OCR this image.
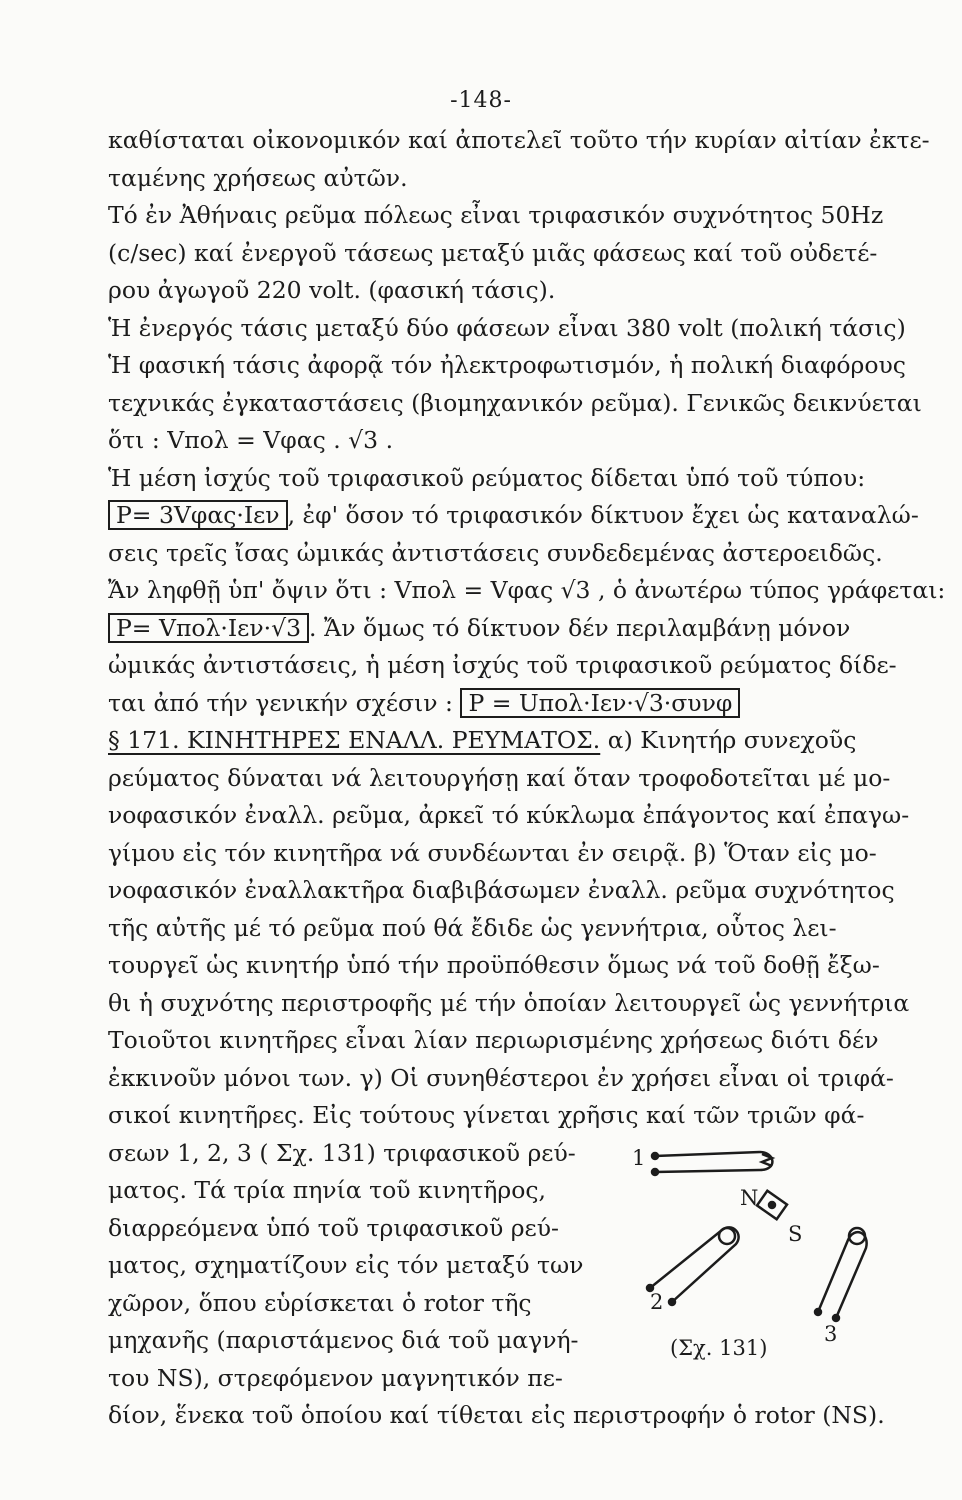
-148-
καθίσταται οἰκονομικόν καί ἀποτελεῖ τοῦτο τήν κυρίαν αἰτίαν ἐκτε-
ταμένης χρήσεως αὐτῶν.
Τό ἐν Ἀθήναις ρεῦμα πόλεως εἶναι τριφασικόν συχνότητος 50Hz
(c/sec) καί ἐνεργοῦ τάσεως μεταξύ μιᾶς φάσεως καί τοῦ οὐδετέ-
ρου ἀγωγοῦ 220 volt. (φασική τάσις).
Ἡ ἐνεργός τάσις μεταξύ δύο φάσεων εἶναι 380 volt (πολική τάσις)
Ἡ φασική τάσις ἀφορᾷ τόν ἠλεκτροφωτισμόν, ἡ πολική διαφόρους
τεχνικάς ἐγκαταστάσεις (βιομηχανικόν ρεῦμα). Γενικῶς δεικνύεται
ὅτι : Vπολ = Vφας . √3 .
Ἡ μέση ἰσχύς τοῦ τριφασικοῦ ρεύματος δίδεται ὑπό τοῦ τύπου:
P= 3Vφας·Iεν , ἐφ' ὅσον τό τριφασικόν δίκτυον ἔχει ὡς καταναλώ-
σεις τρεῖς ἴσας ὠμικάς ἀντιστάσεις συνδεδεμένας ἀστεροειδῶς.
Ἄν ληφθῇ ὑπ' ὄψιν ὅτι : Vπολ = Vφας √3 , ὁ ἀνωτέρω τύπος γράφεται:
P= Vπολ·Iεν·√3 . Ἄν ὅμως τό δίκτυον δέν περιλαμβάνῃ μόνον
ὠμικάς ἀντιστάσεις, ἡ μέση ἰσχύς τοῦ τριφασικοῦ ρεύματος δίδε-
ται ἀπό τήν γενικήν σχέσιν : P = Uπολ·Iεν·√3·συνφ
§ 171. ΚΙΝΗΤΗΡΕΣ ΕΝΑΛΛ. ΡΕΥΜΑΤΟΣ. α) Κινητήρ συνεχοῦς
ρεύματος δύναται νά λειτουργήσῃ καί ὅταν τροφοδοτεῖται μέ μο-
νοφασικόν ἐναλλ. ρεῦμα, ἀρκεῖ τό κύκλωμα ἐπάγοντος καί ἐπαγω-
γίμου εἰς τόν κινητῆρα νά συνδέωνται ἐν σειρᾷ. β) Ὅταν εἰς μο-
νοφασικόν ἐναλλακτῆρα διαβιβάσωμεν ἐναλλ. ρεῦμα συχνότητος
τῆς αὐτῆς μέ τό ρεῦμα πού θά ἔδιδε ὡς γεννήτρια, οὗτος λει-
τουργεῖ ὡς κινητήρ ὑπό τήν προϋπόθεσιν ὅμως νά τοῦ δοθῇ ἔξω-
θι ἡ συχνότης περιστροφῆς μέ τήν ὁποίαν λειτουργεῖ ὡς γεννήτρια
Τοιοῦτοι κινητῆρες εἶναι λίαν περιωρισμένης χρήσεως διότι δέν
ἐκκινοῦν μόνοι των. γ) Οἱ συνηθέστεροι ἐν χρήσει εἶναι οἱ τριφά-
σικοί κινητῆρες. Εἰς τούτους γίνεται χρῆσις καί τῶν τριῶν φά-
σεων 1, 2, 3 ( Σχ. 131) τριφασικοῦ ρεύ-
ματος. Τά τρία πηνία τοῦ κινητῆρος,
διαρρεόμενα ὑπό τοῦ τριφασικοῦ ρεύ-
ματος, σχηματίζουν εἰς τόν μεταξύ των
χῶρον, ὅπου εὑρίσκεται ὁ rotor τῆς
μηχανῆς (παριστάμενος διά τοῦ μαγνή-
του NS), στρεφόμενον μαγνητικόν πε-
δίον, ἕνεκα τοῦ ὁποίου καί τίθεται εἰς περιστροφήν ὁ rotor (NS).
1
N
S
2
3
(Σχ. 131)
